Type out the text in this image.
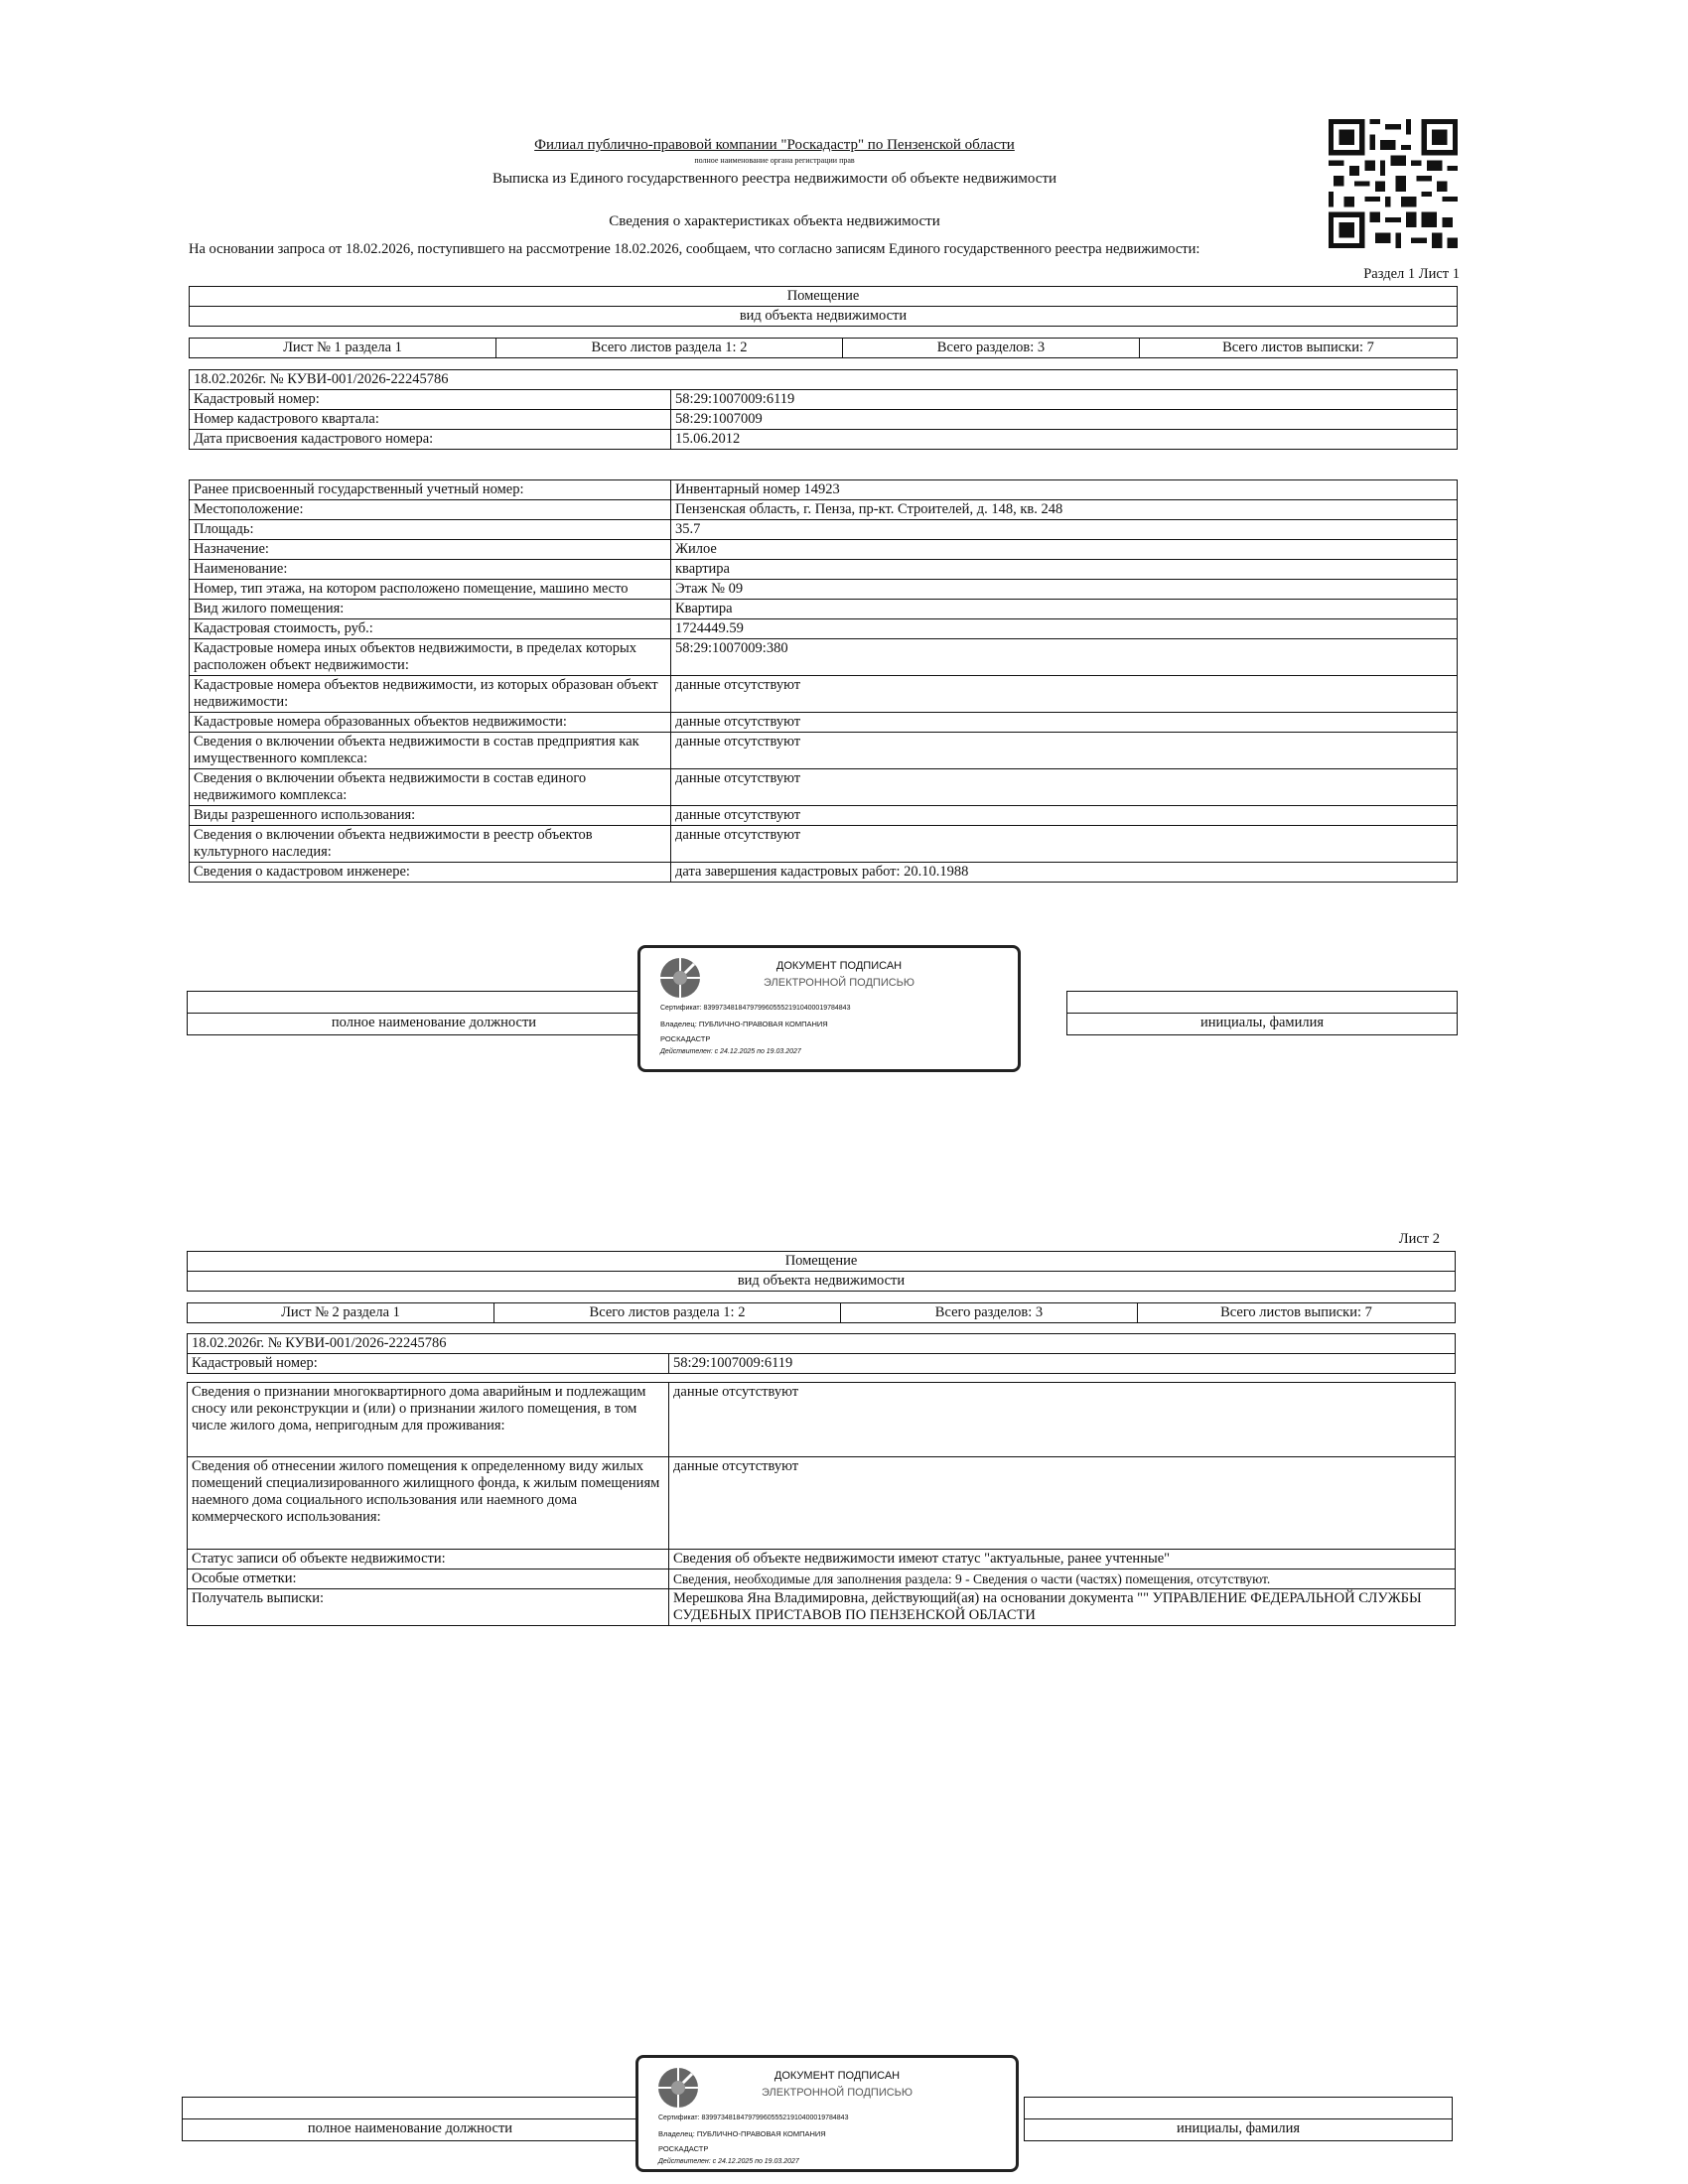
Филиал публично-правовой компании "Роскадастр" по Пензенской области
полное наименование органа регистрации прав
Выписка из Единого государственного реестра недвижимости об объекте недвижимости
Сведения о характеристиках объекта недвижимости
На основании запроса от 18.02.2026, поступившего на рассмотрение 18.02.2026, сообщаем, что согласно записям Единого государственного реестра недвижимости:
Раздел 1 Лист 1
Помещение
вид объекта недвижимости
Лист № 1 раздела 1	Всего листов раздела 1: 2	Всего разделов: 3	Всего листов выписки: 7
18.02.2026г. № КУВИ-001/2026-22245786	
Кадастровый номер:	58:29:1007009:6119
Номер кадастрового квартала:	58:29:1007009
Дата присвоения кадастрового номера:	15.06.2012
Ранее присвоенный государственный учетный номер:	Инвентарный номер 14923
Местоположение:	Пензенская область, г. Пенза, пр-кт. Строителей, д. 148, кв. 248
Площадь:	35.7
Назначение:	Жилое
Наименование:	квартира
Номер, тип этажа, на котором расположено помещение, машино место	Этаж № 09
Вид жилого помещения:	Квартира
Кадастровая стоимость, руб.:	1724449.59
Кадастровые номера иных объектов недвижимости, в пределах которых расположен объект недвижимости:	58:29:1007009:380
Кадастровые номера объектов недвижимости, из которых образован объект недвижимости:	данные отсутствуют
Кадастровые номера образованных объектов недвижимости:	данные отсутствуют
Сведения о включении объекта недвижимости в состав предприятия как имущественного комплекса:	данные отсутствуют
Сведения о включении объекта недвижимости в состав единого недвижимого комплекса:	данные отсутствуют
Виды разрешенного использования:	данные отсутствуют
Сведения о включении объекта недвижимости в реестр объектов культурного наследия:	данные отсутствуют
Сведения о кадастровом инженере:	дата завершения кадастровых работ: 20.10.1988

полное наименование должности		инициалы, фамилия
ДОКУМЕНТ ПОДПИСАН
ЭЛЕКТРОННОЙ ПОДПИСЬЮ
Сертификат: 83997348184797996055521910400019784843
Владелец: ПУБЛИЧНО-ПРАВОВАЯ КОМПАНИЯ
РОСКАДАСТР
Действителен: с 24.12.2025 по 19.03.2027
Лист 2
Помещение
вид объекта недвижимости
Лист № 2 раздела 1	Всего листов раздела 1: 2	Всего разделов: 3	Всего листов выписки: 7
18.02.2026г. № КУВИ-001/2026-22245786
Кадастровый номер:	58:29:1007009:6119
Сведения о признании многоквартирного дома аварийным и подлежащим сносу или реконструкции и (или) о признании жилого помещения, в том числе жилого дома, непригодным для проживания:	данные отсутствуют
Сведения об отнесении жилого помещения к определенному виду жилых помещений специализированного жилищного фонда, к жилым помещениям наемного дома социального использования или наемного дома коммерческого использования:	данные отсутствуют
Статус записи об объекте недвижимости:	Сведения об объекте недвижимости имеют статус "актуальные, ранее учтенные"
Особые отметки:	Сведения, необходимые для заполнения раздела: 9 - Сведения о части (частях) помещения, отсутствуют.
Получатель выписки:	Мерешкова Яна Владимировна, действующий(ая) на основании документа "" УПРАВЛЕНИЕ ФЕДЕРАЛЬНОЙ СЛУЖБЫ СУДЕБНЫХ ПРИСТАВОВ ПО ПЕНЗЕНСКОЙ ОБЛАСТИ

полное наименование должности		инициалы, фамилия
ДОКУМЕНТ ПОДПИСАН
ЭЛЕКТРОННОЙ ПОДПИСЬЮ
Сертификат: 83997348184797996055521910400019784843
Владелец: ПУБЛИЧНО-ПРАВОВАЯ КОМПАНИЯ
РОСКАДАСТР
Действителен: с 24.12.2025 по 19.03.2027
